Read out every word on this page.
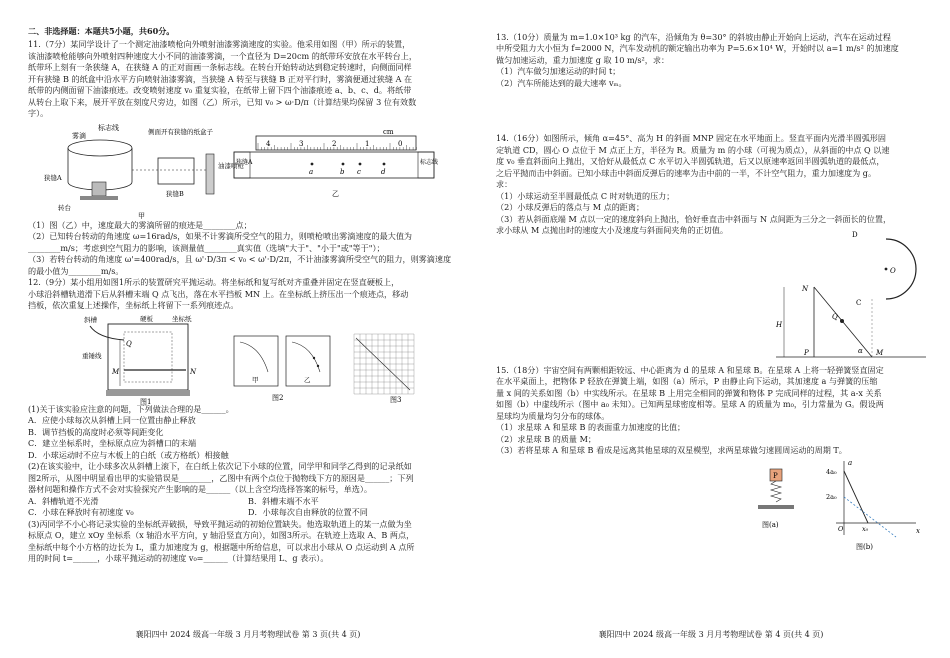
二、非选择题：本题共5小题，共60分。

11.（7分）某同学设计了一个测定油漆喷枪向外喷射油漆雾滴速度的实验。他采用如图（甲）所示的装置，

该油漆喷枪能够向外喷射四种速度大小不同的油漆雾滴，一个直径为 D=20cm 的纸带环安放在水平转台上，

纸带环上刻有一条狭缝 A，在狭缝 A 的正对面画一条标志线。在转台开始转动达到稳定转速时，向侧面同样

开有狭缝 B 的纸盒中沿水平方向喷射油漆雾滴，当狭缝 A 转至与狭缝 B 正对平行时，雾滴便通过狭缝 A 在

纸带的内侧面留下油漆痕迹。改变喷射速度 v₀ 重复实验，在纸带上留下四个油漆痕迹 a、b、c、d。将纸带

从转台上取下来，展开平放在刻度尺旁边，如图（乙）所示，已知 v₀ > ω·D/π（计算结果均保留 3 位有效数

字）。

雾滴
标志线	侧面开有狭缝的纸盒子
油漆喷枪
狭缝A
狭缝B
转台
甲
4	3	2	1	0
cm
狭缝A	标志线
a	b c	d
乙

（1）图（乙）中，速度最大的雾滴所留的痕迹是________点；

（2）已知转台转动的角速度 ω=16rad/s，如果不计雾滴所受空气的阻力，则喷枪喷出雾滴速度的最大值为

________m/s；考虑到空气阻力的影响，该测量值________真实值（选填"大于"、"小于"或"等于"）；

（3）若转台转动的角速度 ω'=400rad/s，且 ω'·D/3π < v₀ < ω'·D/2π，不计油漆雾滴所受空气的阻力，则雾滴速度

的最小值为________m/s。

12.（9分）某小组用如图1所示的装置研究平抛运动。将坐标纸和复写纸对齐重叠并固定在竖直硬板上，

小球沿斜槽轨道滑下后从斜槽末端 Q 点飞出，落在水平挡板 MN 上。在坐标纸上挤压出一个痕迹点，移动

挡板，依次重复上述操作，坐标纸上将留下一系列痕迹点。

斜槽	硬板	坐标纸
重锤线
Q
M	N
图1
甲	乙
图2	图3

(1)关于该实验应注意的问题，下列做法合理的是______。

A．应使小球每次从斜槽上同一位置由静止释放

B．调节挡板的高度时必须等间距变化

C．建立坐标系时，坐标原点应为斜槽口的末端

D．小球运动时不应与木板上的白纸（或方格纸）相接触

(2)在该实验中，让小球多次从斜槽上滚下，在白纸上依次记下小球的位置，同学甲和同学乙得到的记录纸如

图2所示，从图中明显看出甲的实验错误是________，乙图中有两个点位于抛物线下方的原因是______；下列

器材问题和操作方式不会对实验探究产生影响的是______（以上含空均选择答案的标号，单选）。

A．斜槽轨道不光滑	B．斜槽末端不水平
C．小球在释放时有初速度 v₀	D．小球每次自由释放的位置不同

(3)丙同学不小心将记录实验的坐标纸弄破损，导致平抛运动的初始位置缺失。他选取轨道上的某一点做为坐

标原点 O，建立 xOy 坐标系（x 轴沿水平方向，y 轴沿竖直方向），如图3所示。在轨迹上选取 A、B 两点，

坐标纸中每个小方格的边长为 L，重力加速度为 g，根据题中所给信息，可以求出小球从 O 点运动到 A 点所

用的时间 t=______，小球平抛运动的初速度 v₀=______（计算结果用 L、g 表示）。

襄阳四中 2024 级高一年级 3 月月考物理试卷 第 3 页(共 4 页)

13.（10分）质量为 m=1.0×10³ kg 的汽车，沿倾角为 θ=30° 的斜坡由静止开始向上运动，汽车在运动过程

中所受阻力大小恒为 f=2000 N，汽车发动机的额定输出功率为 P=5.6×10⁴ W，开始时以 a=1 m/s² 的加速度

做匀加速运动，重力加速度 g 取 10 m/s²，求：

（1）汽车做匀加速运动的时间 t；

（2）汽车所能达到的最大速率 vₘ。

14.（16分）如图所示，倾角 α=45°、高为 H 的斜面 MNP 固定在水平地面上。竖直平面内光滑半圆弧形固

定轨道 CD，圆心 O 点位于 M 点正上方，半径为 R。质量为 m 的小球（可视为质点），从斜面的中点 Q 以速

度 v₀ 垂直斜面向上抛出，又恰好从最低点 C 水平切入半圆弧轨道，后又以原速率返回半圆弧轨道的最低点，

之后平抛而击中斜面。已知小球击中斜面反弹后的速率为击中前的一半，不计空气阻力，重力加速度为 g。

求：

（1）小球运动至半圆最低点 C 时对轨道的压力；

（2）小球反弹后的落点与 M 点的距离；

（3）若从斜面底端 M 点以一定的速度斜向上抛出，恰好垂直击中斜面与 N 点间距为三分之一斜面长的位置，

求小球从 M 点抛出时的速度大小及速度与斜面间夹角的正切值。	D
O
C
N
Q
H
P	α M

15.（18分）宇宙空间有两颗相距较远、中心距离为 d 的星球 A 和星球 B。在星球 A 上将一轻弹簧竖直固定

在水平桌面上，把物体 P 轻放在弹簧上端，如图（a）所示，P 由静止向下运动，其加速度 a 与弹簧的压缩

量 x 间的关系如图（b）中实线所示。在星球 B 上用完全相同的弹簧和物体 P 完成同样的过程，其 a-x 关系

如图（b）中虚线所示（图中 a₀ 未知）。已知两星球密度相等。星球 A 的质量为 m₀，引力常量为 G。假设两

星球均为质量均匀分布的球体。

（1）求星球 A 和星球 B 的表面重力加速度的比值；

（2）求星球 B 的质量 M；

（3）若将星球 A 和星球 B 看成是远离其他星球的双星模型，求两星球做匀速圆周运动的周期 T。

P
图(a)
a
x
4a₀
2a₀
O	x₀
图(b)
襄阳四中 2024 级高一年级 3 月月考物理试卷 第 4 页(共 4 页)
